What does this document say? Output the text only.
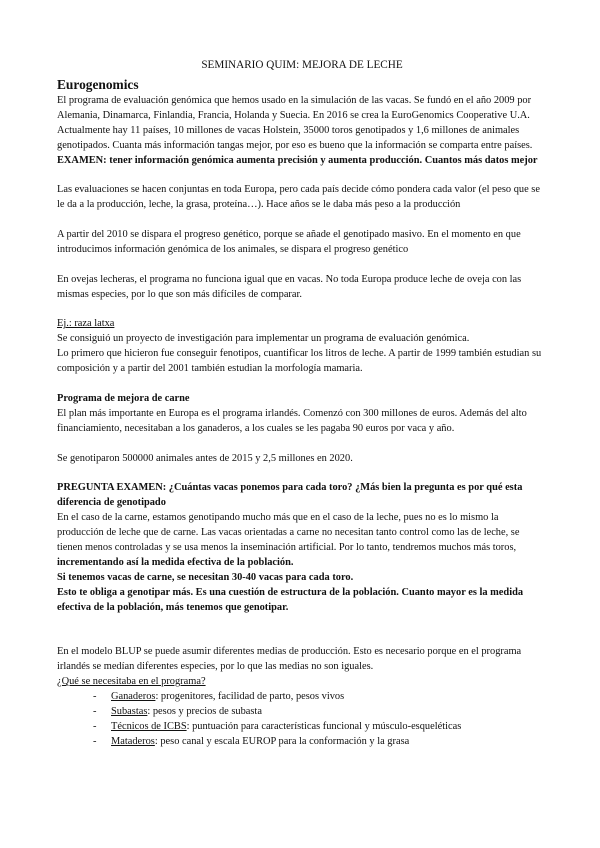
SEMINARIO QUIM: MEJORA DE LECHE

Eurogenomics

El programa de evaluación genómica que hemos usado en la simulación de las vacas. Se fundó en el año 2009 por Alemania, Dinamarca, Finlandia, Francia, Holanda y Suecia. En 2016 se crea la EuroGenomics Cooperative U.A.

Actualmente hay 11 países, 10 millones de vacas Holstein, 35000 toros genotipados y 1,6 millones de animales genotipados. Cuanta más información tangas mejor, por eso es bueno que la información se comparta entre países.

EXAMEN: tener información genómica aumenta precisión y aumenta producción. Cuantos más datos mejor

Las evaluaciones se hacen conjuntas en toda Europa, pero cada país decide cómo pondera cada valor (el peso que se le da a la producción, leche, la grasa, proteína…). Hace años se le daba más peso a la producción

A partir del 2010 se dispara el progreso genético, porque se añade el genotipado masivo. En el momento en que introducimos información genómica de los animales, se dispara el progreso genético

En ovejas lecheras, el programa no funciona igual que en vacas. No toda Europa produce leche de oveja con las mismas especies, por lo que son más difíciles de comparar.

Ej.: raza latxa

Se consiguió un proyecto de investigación para implementar un programa de evaluación genómica.

Lo primero que hicieron fue conseguir fenotipos, cuantificar los litros de leche. A partir de 1999 también estudian su composición y a partir del 2001 también estudian la morfología mamaria.

Programa de mejora de carne

El plan más importante en Europa es el programa irlandés. Comenzó con 300 millones de euros. Además del alto financiamiento, necesitaban a los ganaderos, a los cuales se les pagaba 90 euros por vaca y año.

Se genotiparon 500000 animales antes de 2015 y 2,5 millones en 2020.

PREGUNTA EXAMEN: ¿Cuántas vacas ponemos para cada toro? ¿Más bien la pregunta es por qué esta diferencia de genotipado

En el caso de la carne, estamos genotipando mucho más que en el caso de la leche, pues no es lo mismo la producción de leche que de carne. Las vacas orientadas a carne no necesitan tanto control como las de leche, se tienen menos controladas y se usa menos la inseminación artificial. Por lo tanto, tendremos muchos más toros, incrementando así la medida efectiva de la población.

Si tenemos vacas de carne, se necesitan 30-40 vacas para cada toro.

Esto te obliga a genotipar más. Es una cuestión de estructura de la población. Cuanto mayor es la medida efectiva de la población, más tenemos que genotipar.

En el modelo BLUP se puede asumir diferentes medias de producción. Esto es necesario porque en el programa irlandés se medían diferentes especies, por lo que las medias no son iguales.

¿Qué se necesitaba en el programa?

- Ganaderos: progenitores, facilidad de parto, pesos vivos
- Subastas: pesos y precios de subasta
- Técnicos de ICBS: puntuación para características funcional y músculo-esqueléticas
- Mataderos: peso canal y escala EUROP para la conformación y la grasa
